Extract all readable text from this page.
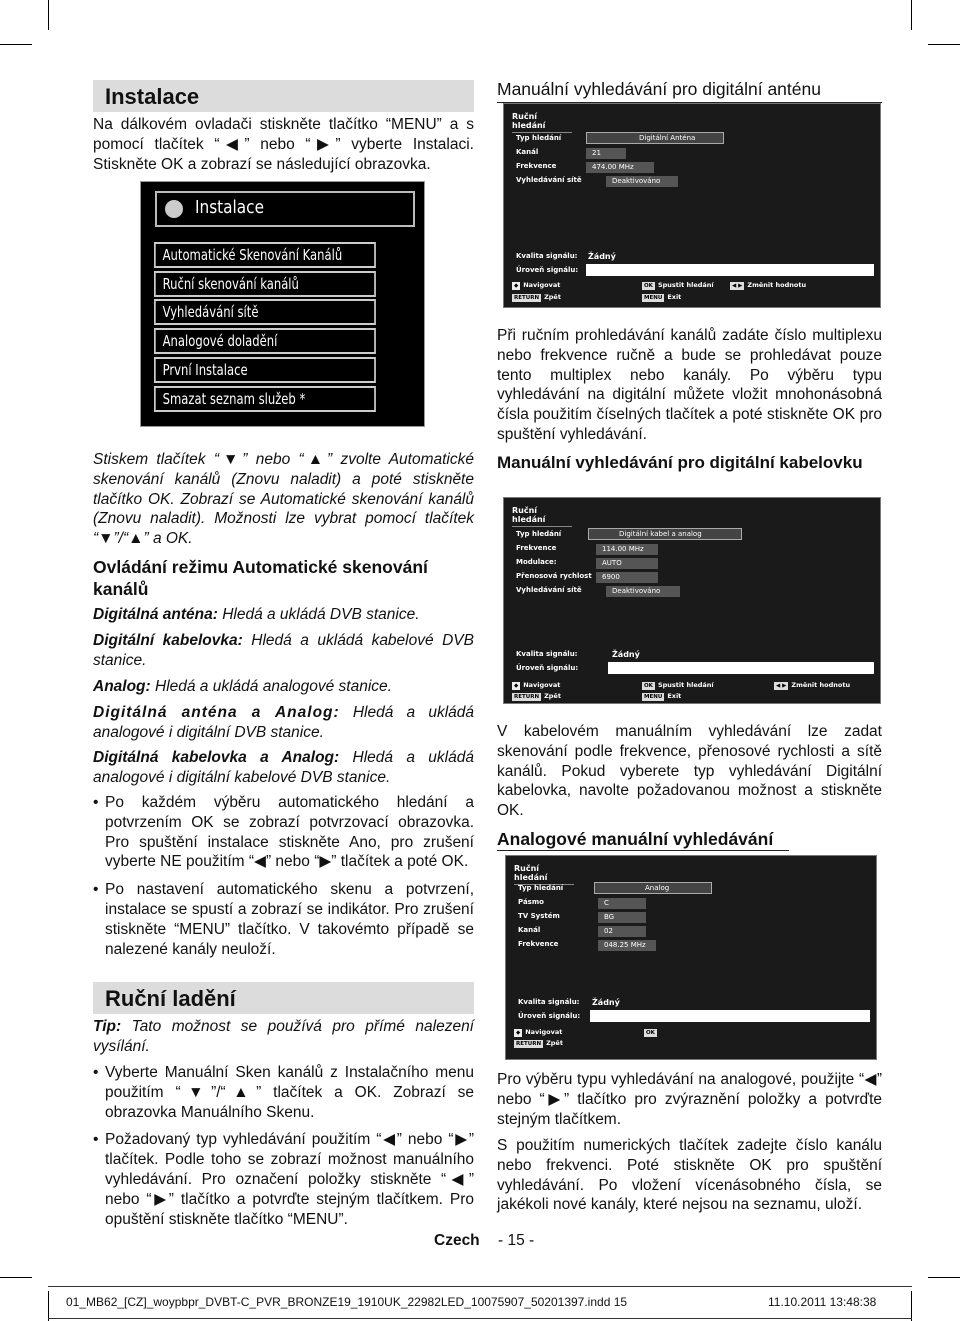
Instalace
Na dálkovém ovladači stiskněte tlačítko “MENU” a s pomocí tlačítek “◀” nebo “▶” vyberte Instalaci. Stiskněte OK a zobrazí se následující obrazovka.
Instalace
Automatické Skenování Kanálů
Ruční skenování kanálů
Vyhledávání sítě
Analogové doladění
První Instalace
Smazat seznam služeb *
Stiskem tlačítek “▼” nebo “▲” zvolte Automatické skenování kanálů (Znovu naladit) a poté stiskněte tlačítko OK. Zobrazí se Automatické skenování kanálů (Znovu naladit). Možnosti lze vybrat pomocí tlačítek “▼”/“▲” a OK.
Ovládání režimu Automatické skenování kanálů
Digitálná anténa: Hledá a ukládá DVB stanice.
Digitální kabelovka: Hledá a ukládá kabelové DVB stanice.
Analog: Hledá a ukládá analogové stanice.
Digitálná anténa a Analog: Hledá a ukládá analogové i digitální DVB stanice.
Digitálná kabelovka a Analog: Hledá a ukládá analogové i digitální kabelové DVB stanice.
• Po každém výběru automatického hledání a potvrzením OK se zobrazí potvrzovací obrazovka. Pro spuštění instalace stiskněte Ano, pro zrušení vyberte NE použitím “◀” nebo “▶” tlačítek a poté OK.
• Po nastavení automatického skenu a potvrzení, instalace se spustí a zobrazí se indikátor. Pro zrušení stiskněte “MENU” tlačítko. V takovémto případě se nalezené kanály neuloží.
Ruční ladění
Tip: Tato možnost se používá pro přímé nalezení vysílání.
• Vyberte Manuální Sken kanálů z Instalačního menu použitím “▼”/“▲” tlačítek a OK. Zobrazí se obrazovka Manuálního Skenu.
• Požadovaný typ vyhledávání použitím “◀” nebo “▶” tlačítek. Podle toho se zobrazí možnost manuálního vyhledávání. Pro označení položky stiskněte “◀” nebo “▶” tlačítko a potvrďte stejným tlačítkem. Pro opuštění stiskněte tlačítko “MENU”.
Manuální vyhledávání pro digitální anténu
Ruční hledání
Typ hledání
Kanál
Frekvence
Vyhledávání sítě
Digitální Anténa
21
474.00 MHz
Deaktivováno
Kvalita signálu: Žádný
Úroveň signálu:
◆ Navigovat
RETURN Zpět
OK Spustit hledání
MENU Exit
◀ ▶ Změnit hodnotu
Při ručním prohledávání kanálů zadáte číslo multiplexu nebo frekvence ručně a bude se prohledávat pouze tento multiplex nebo kanály. Po výběru typu vyhledávání na digitální můžete vložit mnohonásobná čísla použitím číselných tlačítek a poté stiskněte OK pro spuštění vyhledávání.
Manuální vyhledávání pro digitální kabelovku
Ruční hledání
Typ hledání
Frekvence
Modulace:
Přenosová rychlost
Vyhledávání sítě
Digitální kabel a analog
114.00 MHz
AUTO
6900
Deaktivováno
Kvalita signálu:	Žádný
Úroveň signálu:
◆ Navigovat
RETURN Zpět
OK Spustit hledání
MENU Exit
◀ ▶ Změnit hodnotu
V kabelovém manuálním vyhledávání lze zadat skenování podle frekvence, přenosové rychlosti a sítě kanálů. Pokud vyberete typ vyhledávání Digitální kabelovka, navolte požadovanou možnost a stiskněte OK.
Analogové manuální vyhledávání
Ruční hledání
Typ hledání
Pásmo
TV Systém
Kanál
Frekvence
Analog
C
BG
02
048.25 MHz
Kvalita signálu: Žádný
Úroveň signálu:
◆ Navigovat
RETURN Zpět
OK
Pro výběru typu vyhledávání na analogové, použijte “◀” nebo “▶” tlačítko pro zvýraznění položky a potvrďte stejným tlačítkem.
S použitím numerických tlačítek zadejte číslo kanálu nebo frekvenci. Poté stiskněte OK pro spuštění vyhledávání. Po vložení vícenásobného čísla, se jakékoli nové kanály, které nejsou na seznamu, uloží.
Czech - 15 -
01_MB62_[CZ]_woypbpr_DVBT-C_PVR_BRONZE19_1910UK_22982LED_10075907_50201397.indd 15	11.10.2011 13:48:38
